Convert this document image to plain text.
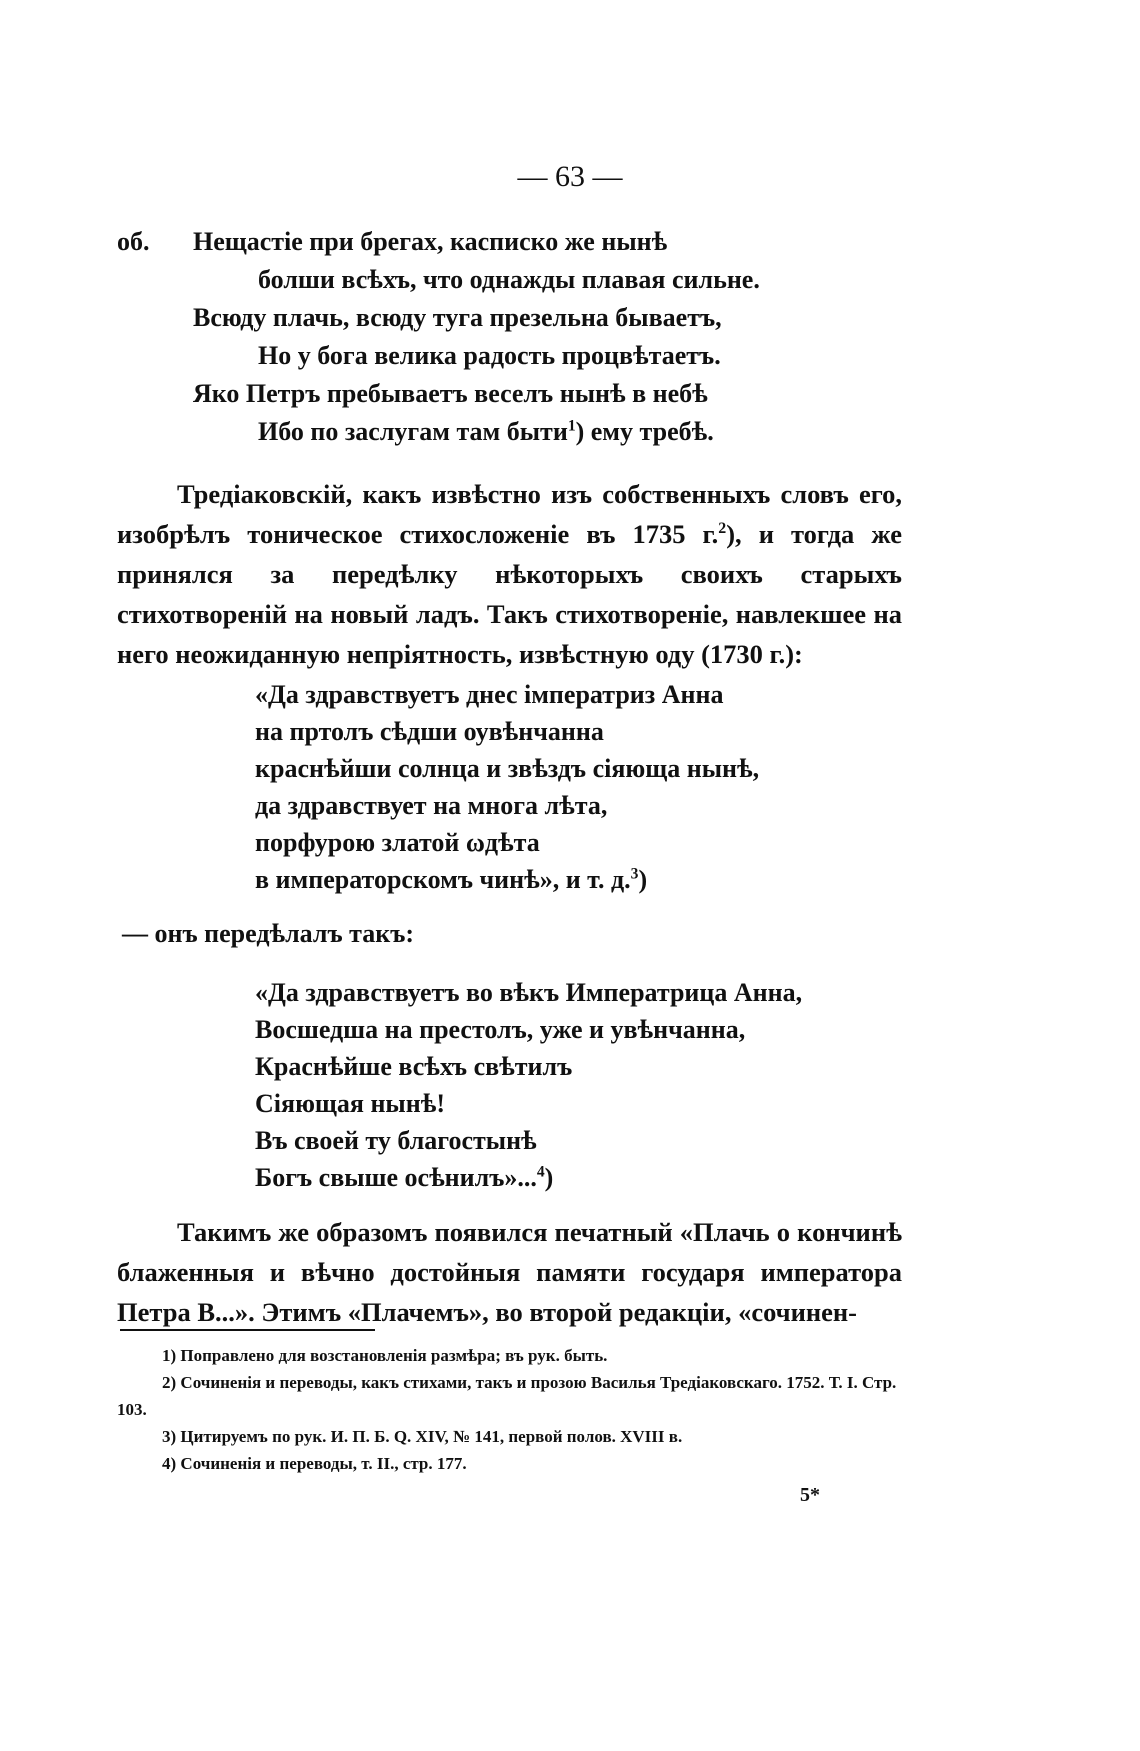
— 63 —
об. Нещастіе при брегах, касписко же нынѣ
болши всѣхъ, что однажды плавая сильне.
Всюду плачь, всюду туга презельна бываетъ,
Но у бога велика радость процвѣтаетъ.
Яко Петръ пребываетъ веселъ нынѣ в небѣ
Ибо по заслугам там быти$^1$) ему требѣ.
Тредіаковскій, какъ извѣстно изъ собственныхъ словъ его, изобрѣлъ тоническое стихосложеніе въ 1735 г.$^2$), и тогда же принялся за передѣлку нѣкоторыхъ своихъ старыхъ стихотвореній на новый ладъ. Такъ стихотвореніе, навлекшее на него неожиданную непріятность, извѣстную оду (1730 г.):
«Да здравствуетъ днес імператриз Анна
на пртолъ сѣдши оувѣнчанна
краснѣйши солнца и звѣздъ сіяюща нынѣ,
да здравствует на многа лѣта,
порфурою златой ωдѣта
в императорскомъ чинѣ», и т. д.$^3$)
— онъ передѣлалъ такъ:
«Да здравствуетъ во вѣкъ Императрица Анна,
Восшедша на престолъ, уже и увѣнчанна,
Краснѣйше всѣхъ свѣтилъ
Сіяющая нынѣ!
Въ своей ту благостынѣ
Богъ свыше осѣнилъ»...$^4$)
Такимъ же образомъ появился печатный «Плачь о кончинѣ блаженныя и вѣчно достойныя памяти государя императора Петра В...». Этимъ «Плачемъ», во второй редакціи, «сочинен-
1) Поправлено для возстановленія размѣра; въ рук. быть.
2) Сочиненія и переводы, какъ стихами, такъ и прозою Василья Тредіаковскаго. 1752. Т. I. Стр. 103.
3) Цитируемъ по рук. И. П. Б. Q. XIV, № 141, первой полов. XVIII в.
4) Сочиненія и переводы, т. II., стр. 177.
5*
